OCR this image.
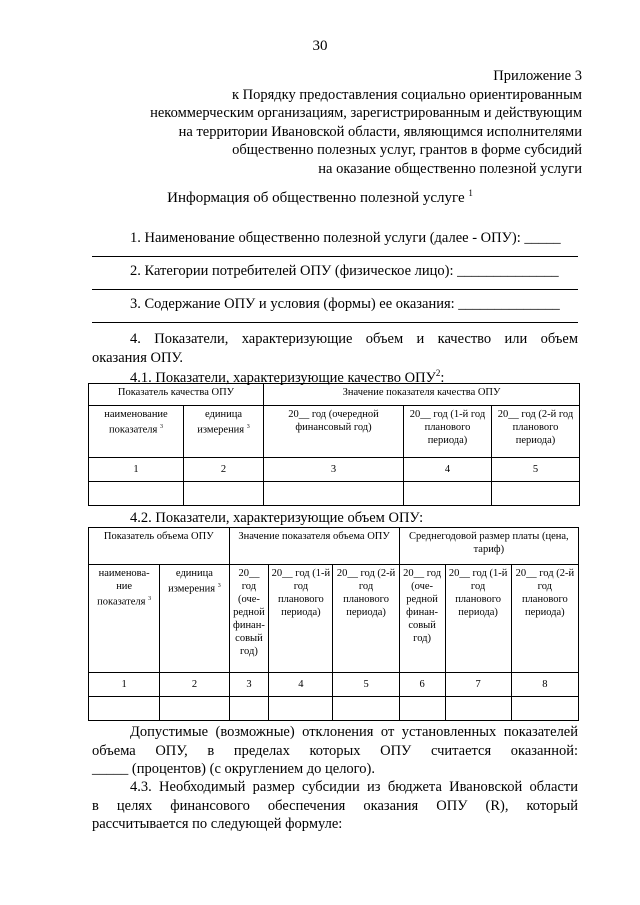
30
Приложение 3
к Порядку предоставления социально ориентированным
некоммерческим организациям, зарегистрированным и действующим
на территории Ивановской области, являющимся исполнителями
общественно полезных услуг, грантов в форме субсидий
на оказание общественно полезной услуги
Информация об общественно полезной услуге $^1$
1. Наименование общественно полезной услуги (далее - ОПУ): _____
2. Категории потребителей ОПУ (физическое лицо): ______________
3. Содержание ОПУ и условия (формы) ее оказания: ______________
4. Показатели, характеризующие объем и качество или объем
оказания ОПУ.
4.1. Показатели, характеризующие качество ОПУ$^2$:
Показатель качества ОПУ		Значение показателя качества ОПУ		
наименование показателя $^3$	единица измерения $^3$	20__ год (очередной финансовый год)	20__ год (1-й год планового периода)	20__ год (2-й год планового периода)
1	2	3	4	5

4.2. Показатели, характеризующие объем ОПУ:
Показатель объема ОПУ		Значение показателя объема ОПУ			Среднегодовой размер платы (цена, тариф)		
наименова-ние показателя $^3$	единица измерения $^3$	20__ год (оче-редной финан-совый год)	20__ год (1-й год планового периода)	20__ год (2-й год планового периода)	20__ год (оче-редной финан-совый год)	20__ год (1-й год планового периода)	20__ год (2-й год планового периода)
1	2	3	4	5	6	7	8

Допустимые (возможные) отклонения от установленных показателей
объема ОПУ, в пределах которых ОПУ считается оказанной:
_____ (процентов) (с округлением до целого).
4.3. Необходимый размер субсидии из бюджета Ивановской области
в целях финансового обеспечения оказания ОПУ (R), который
рассчитывается по следующей формуле:
